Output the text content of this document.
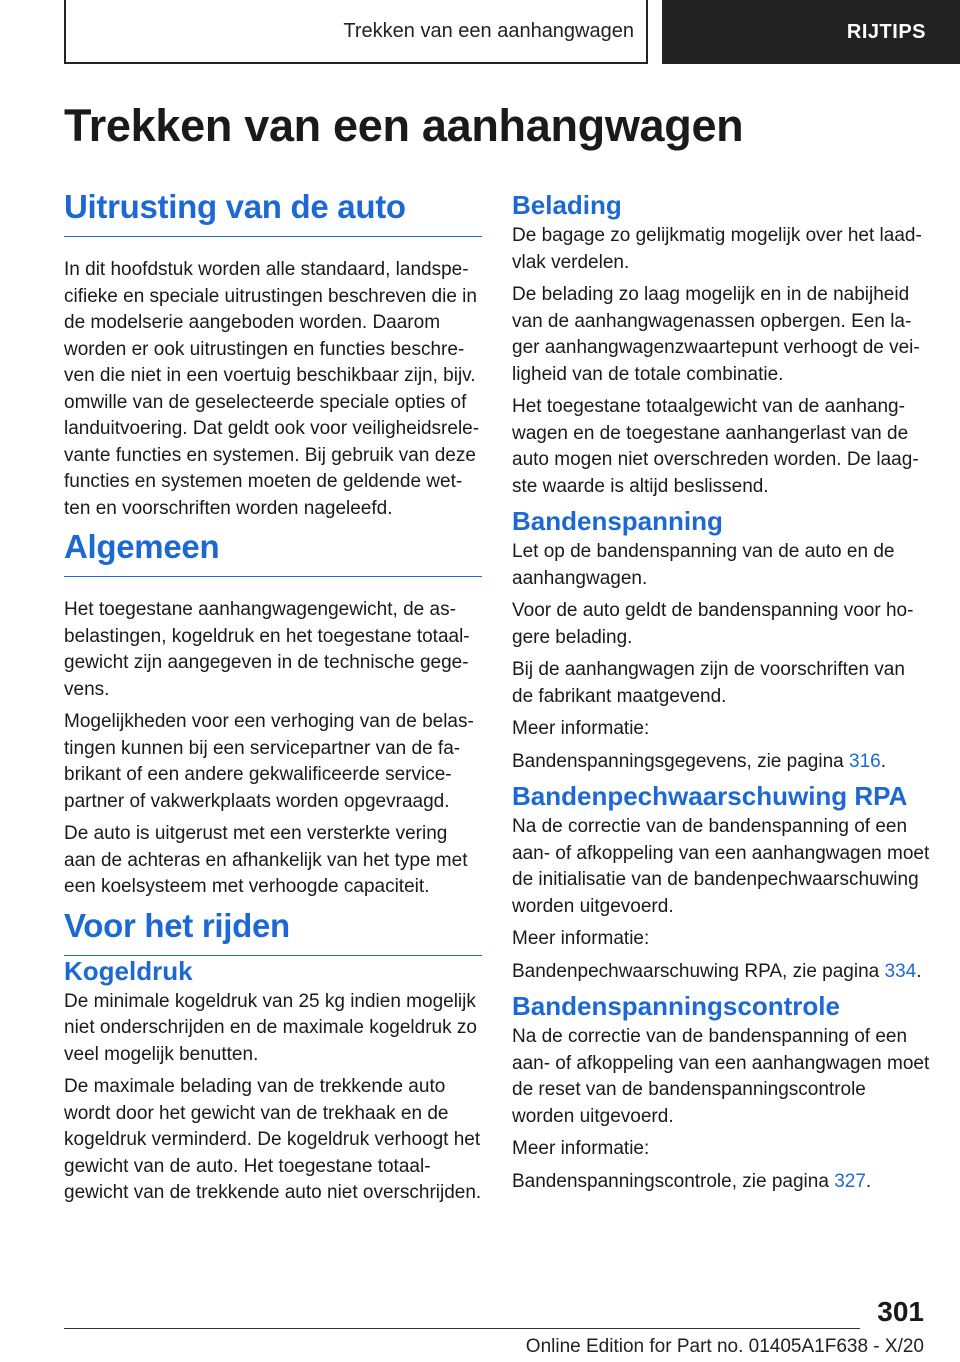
Trekken van een aanhangwagen	RIJTIPS
Trekken van een aanhangwagen
Uitrusting van de auto

In dit hoofdstuk worden alle standaard, landspecifieke en speciale uitrustingen beschreven die in de modelserie aangeboden worden. Daarom worden er ook uitrustingen en functies beschreven die niet in een voertuig beschikbaar zijn, bijv. omwille van de geselecteerde speciale opties of landuitvoering. Dat geldt ook voor veiligheidsrelevante functies en systemen. Bij gebruik van deze functies en systemen moeten de geldende wetten en voorschriften worden nageleefd.

Algemeen

Het toegestane aanhangwagengewicht, de asbelastingen, kogeldruk en het toegestane totaalgewicht zijn aangegeven in de technische gegevens.

Mogelijkheden voor een verhoging van de belastingen kunnen bij een servicepartner van de fabrikant of een andere gekwalificeerde servicepartner of vakwerkplaats worden opgevraagd.

De auto is uitgerust met een versterkte vering aan de achteras en afhankelijk van het type met een koelsysteem met verhoogde capaciteit.

Voor het rijden
Kogeldruk

De minimale kogeldruk van 25 kg indien mogelijk niet onderschrijden en de maximale kogeldruk zo veel mogelijk benutten.

De maximale belading van de trekkende auto wordt door het gewicht van de trekhaak en de kogeldruk verminderd. De kogeldruk verhoogt het gewicht van de auto. Het toegestane totaalgewicht van de trekkende auto niet overschrijden.

Belading

De bagage zo gelijkmatig mogelijk over het laadvlak verdelen.

De belading zo laag mogelijk en in de nabijheid van de aanhangwagenassen opbergen. Een lager aanhangwagenzwaartepunt verhoogt de veiligheid van de totale combinatie.

Het toegestane totaalgewicht van de aanhangwagen en de toegestane aanhangerlast van de auto mogen niet overschreden worden. De laagste waarde is altijd beslissend.

Bandenspanning

Let op de bandenspanning van de auto en de aanhangwagen.

Voor de auto geldt de bandenspanning voor hogere belading.

Bij de aanhangwagen zijn de voorschriften van de fabrikant maatgevend.

Meer informatie:

Bandenspanningsgegevens, zie pagina 316.

Bandenpechwaarschuwing RPA

Na de correctie van de bandenspanning of een aan- of afkoppeling van een aanhangwagen moet de initialisatie van de bandenpechwaarschuwing worden uitgevoerd.

Meer informatie:

Bandenpechwaarschuwing RPA, zie pagina 334.

Bandenspanningscontrole

Na de correctie van de bandenspanning of een aan- of afkoppeling van een aanhangwagen moet de reset van de bandenspanningscontrole worden uitgevoerd.

Meer informatie:

Bandenspanningscontrole, zie pagina 327.

301
Online Edition for Part no. 01405A1F638 - X/20
